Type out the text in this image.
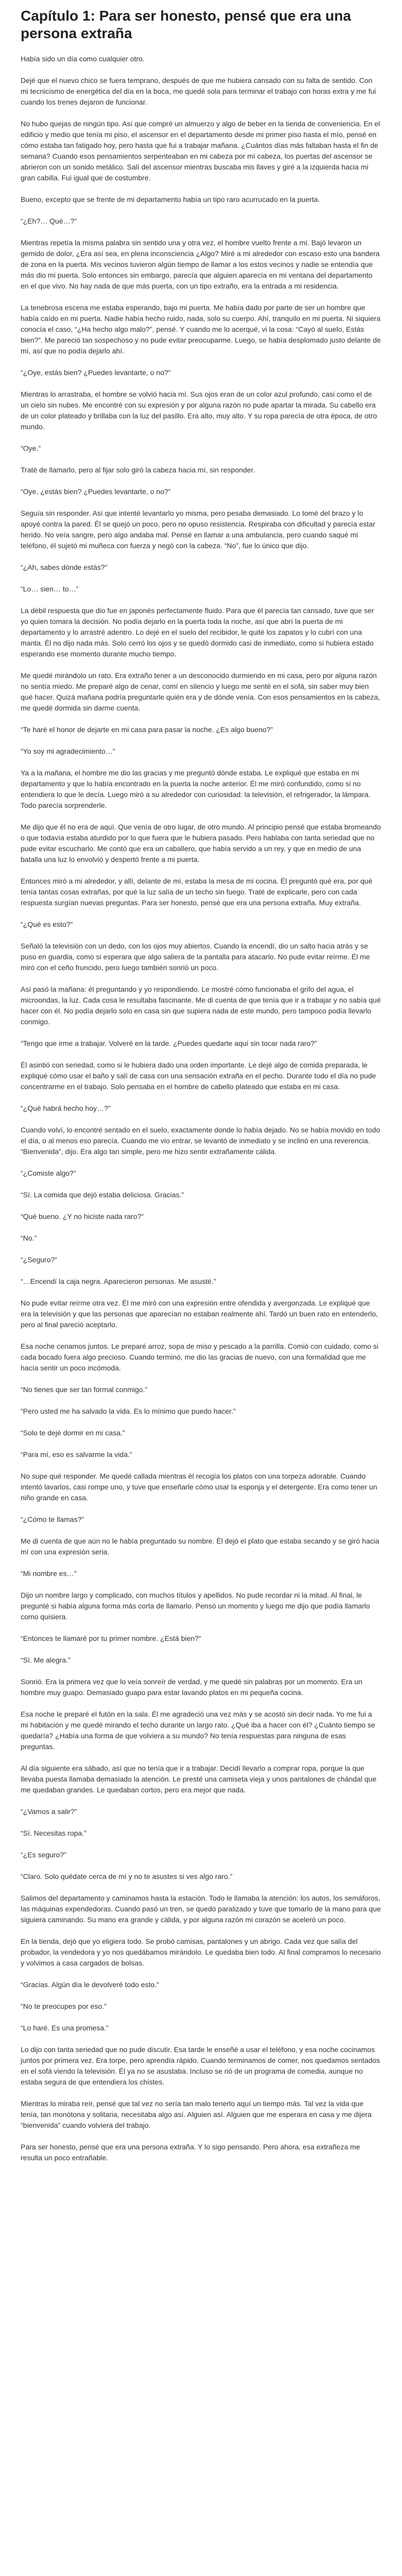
Capítulo 1: Para ser honesto, pensé que era una persona extraña

Había sido un día como cualquier otro.

Dejé que el nuevo chico se fuera temprano, después de que me hubiera cansado con su falta de sentido. Con mi tecnicismo de energética del día en la boca, me quedé sola para terminar el trabajo con horas extra y me fui cuando los trenes dejaron de funcionar.

No hubo quejas de ningún tipo. Así que compré un almuerzo y algo de beber en la tienda de conveniencia. En el edificio y medio que tenía mi piso, el ascensor en el departamento desde mi primer piso hasta el mío, pensé en cómo estaba tan fatigado hoy, pero hasta que fui a trabajar mañana. ¿Cuántos días más faltaban hasta el fin de semana? Cuando esos pensamientos serpenteaban en mi cabeza por mí cabeza, los puertas del ascensor se abrieron con un sonido metálico. Salí del ascensor mientras buscaba mis llaves y giré a la izquierda hacia mi gran cabilla. Fui igual que de costumbre.

Bueno, excepto que se frente de mi departamento había un tipo raro acurrucado en la puerta.

“¿Eh?… Qué…?”

Mientras repetía la misma palabra sin sentido una y otra vez, el hombre vuelto frente a mí. Bajó levaron un gemido de dolor, ¿Era así sea, en plena inconsciencia ¿Algo? Miré a mi alrededor con escaso esto una bandera de zona en la puerta. Mis vecinos tuvieron algún tiempo de llamar a los estos vecinos y nadie se entendía que más dio mi puerta. Solo entonces sin embargo, parecía que alguien aparecía en mi ventana del departamento en el que vivo. No hay nada de que más puerta, con un tipo extraño, era la entrada a mi residencia.

La tenebrosa escena me estaba esperando, bajo mi puerta. Me había dado por parte de ser un hombre que había caído en mi puerta. Nadie había hecho ruido, nada, solo su cuerpo. Ahí, tranquilo en mi puerta. Ni siquiera conocía el caso, “¿Ha hecho algo malo?”, pensé. Y cuando me lo acerqué, vi la cosa: “Cayó al suelo, Estás bien?”. Me pareció tan sospechoso y no pude evitar preocuparme. Luego, se había desplomado justo delante de mí, así que no podía dejarlo ahí.

“¿Oye, estás bien? ¿Puedes levantarte, o no?”

Mientras lo arrastraba, el hombre se volvió hacia mí. Sus ojos eran de un color azul profundo, casi como el de un cielo sin nubes. Me encontré con su expresión y por alguna razón no pude apartar la mirada. Su cabello era de un color plateado y brillaba con la luz del pasillo. Era alto, muy alto. Y su ropa parecía de otra época, de otro mundo.

“Oye.”

Traté de llamarlo, pero al fijar solo giró la cabeza hacia mí, sin responder.

“Oye, ¿estás bien? ¿Puedes levantarte, o no?”

Seguía sin responder. Así que intenté levantarlo yo misma, pero pesaba demasiado. Lo tomé del brazo y lo apoyé contra la pared. Él se quejó un poco, pero no opuso resistencia. Respiraba con dificultad y parecía estar herido. No veía sangre, pero algo andaba mal. Pensé en llamar a una ambulancia, pero cuando saqué mi teléfono, él sujetó mi muñeca con fuerza y negó con la cabeza. “No”, fue lo único que dijo.

“¿Ah, sabes dónde estás?”

“Lo… sien… to…”

La débil respuesta que dio fue en japonés perfectamente fluido. Para que él parecía tan cansado, tuve que ser yo quien tomara la decisión. No podía dejarlo en la puerta toda la noche, así que abrí la puerta de mi departamento y lo arrastré adentro. Lo dejé en el suelo del recibidor, le quité los zapatos y lo cubrí con una manta. Él no dijo nada más. Solo cerró los ojos y se quedó dormido casi de inmediato, como si hubiera estado esperando ese momento durante mucho tiempo.

Me quedé mirándolo un rato. Era extraño tener a un desconocido durmiendo en mi casa, pero por alguna razón no sentía miedo. Me preparé algo de cenar, comí en silencio y luego me senté en el sofá, sin saber muy bien qué hacer. Quizá mañana podría preguntarle quién era y de dónde venía. Con esos pensamientos en la cabeza, me quedé dormida sin darme cuenta.

“Te haré el honor de dejarte en mi casa para pasar la noche. ¿Es algo bueno?”

“Yo soy mi agradecimiento…”

Ya a la mañana, el hombre me dio las gracias y me preguntó dónde estaba. Le expliqué que estaba en mi departamento y que lo había encontrado en la puerta la noche anterior. Él me miró confundido, como si no entendiera lo que le decía. Luego miró a su alrededor con curiosidad: la televisión, el refrigerador, la lámpara. Todo parecía sorprenderle.

Me dijo que él no era de aquí. Que venía de otro lugar, de otro mundo. Al principio pensé que estaba bromeando o que todavía estaba aturdido por lo que fuera que le hubiera pasado. Pero hablaba con tanta seriedad que no pude evitar escucharlo. Me contó que era un caballero, que había servido a un rey, y que en medio de una batalla una luz lo envolvió y despertó frente a mi puerta.

Entonces miró a mi alrededor, y allí, delante de mí, estaba la mesa de mi cocina. Él preguntó qué era, por qué tenía tantas cosas extrañas, por qué la luz salía de un techo sin fuego. Traté de explicarle, pero con cada respuesta surgían nuevas preguntas. Para ser honesto, pensé que era una persona extraña. Muy extraña.

“¿Qué es esto?”

Señaló la televisión con un dedo, con los ojos muy abiertos. Cuando la encendí, dio un salto hacia atrás y se puso en guardia, como si esperara que algo saliera de la pantalla para atacarlo. No pude evitar reírme. Él me miró con el ceño fruncido, pero luego también sonrió un poco.

Así pasó la mañana: él preguntando y yo respondiendo. Le mostré cómo funcionaba el grifo del agua, el microondas, la luz. Cada cosa le resultaba fascinante. Me di cuenta de que tenía que ir a trabajar y no sabía qué hacer con él. No podía dejarlo solo en casa sin que supiera nada de este mundo, pero tampoco podía llevarlo conmigo.

“Tengo que irme a trabajar. Volveré en la tarde. ¿Puedes quedarte aquí sin tocar nada raro?”

Él asintió con seriedad, como si le hubiera dado una orden importante. Le dejé algo de comida preparada, le expliqué cómo usar el baño y salí de casa con una sensación extraña en el pecho. Durante todo el día no pude concentrarme en el trabajo. Solo pensaba en el hombre de cabello plateado que estaba en mi casa.

“¿Qué habrá hecho hoy…?”

Cuando volví, lo encontré sentado en el suelo, exactamente donde lo había dejado. No se había movido en todo el día, o al menos eso parecía. Cuando me vio entrar, se levantó de inmediato y se inclinó en una reverencia. “Bienvenida”, dijo. Era algo tan simple, pero me hizo sentir extrañamente cálida.

“¿Comiste algo?”

“Sí. La comida que dejó estaba deliciosa. Gracias.”

“Qué bueno. ¿Y no hiciste nada raro?”

“No.”

“¿Seguro?”

“…Encendí la caja negra. Aparecieron personas. Me asusté.”

No pude evitar reírme otra vez. Él me miró con una expresión entre ofendida y avergonzada. Le expliqué que era la televisión y que las personas que aparecían no estaban realmente ahí. Tardó un buen rato en entenderlo, pero al final pareció aceptarlo.

Esa noche cenamos juntos. Le preparé arroz, sopa de miso y pescado a la parrilla. Comió con cuidado, como si cada bocado fuera algo precioso. Cuando terminó, me dio las gracias de nuevo, con una formalidad que me hacía sentir un poco incómoda.

“No tienes que ser tan formal conmigo.”

“Pero usted me ha salvado la vida. Es lo mínimo que puedo hacer.”

“Solo te dejé dormir en mi casa.”

“Para mí, eso es salvarme la vida.”

No supe qué responder. Me quedé callada mientras él recogía los platos con una torpeza adorable. Cuando intentó lavarlos, casi rompe uno, y tuve que enseñarle cómo usar la esponja y el detergente. Era como tener un niño grande en casa.

“¿Cómo te llamas?”

Me di cuenta de que aún no le había preguntado su nombre. Él dejó el plato que estaba secando y se giró hacia mí con una expresión seria.

“Mi nombre es…”

Dijo un nombre largo y complicado, con muchos títulos y apellidos. No pude recordar ni la mitad. Al final, le pregunté si había alguna forma más corta de llamarlo. Pensó un momento y luego me dijo que podía llamarlo como quisiera.

“Entonces te llamaré por tu primer nombre. ¿Está bien?”

“Sí. Me alegra.”

Sonrió. Era la primera vez que lo veía sonreír de verdad, y me quedé sin palabras por un momento. Era un hombre muy guapo. Demasiado guapo para estar lavando platos en mi pequeña cocina.

Esa noche le preparé el futón en la sala. Él me agradeció una vez más y se acostó sin decir nada. Yo me fui a mi habitación y me quedé mirando el techo durante un largo rato. ¿Qué iba a hacer con él? ¿Cuánto tiempo se quedaría? ¿Había una forma de que volviera a su mundo? No tenía respuestas para ninguna de esas preguntas.

Al día siguiente era sábado, así que no tenía que ir a trabajar. Decidí llevarlo a comprar ropa, porque la que llevaba puesta llamaba demasiado la atención. Le presté una camiseta vieja y unos pantalones de chándal que me quedaban grandes. Le quedaban cortos, pero era mejor que nada.

“¿Vamos a salir?”

“Sí. Necesitas ropa.”

“¿Es seguro?”

“Claro. Solo quédate cerca de mí y no te asustes si ves algo raro.”

Salimos del departamento y caminamos hasta la estación. Todo le llamaba la atención: los autos, los semáforos, las máquinas expendedoras. Cuando pasó un tren, se quedó paralizado y tuve que tomarlo de la mano para que siguiera caminando. Su mano era grande y cálida, y por alguna razón mi corazón se aceleró un poco.

En la tienda, dejó que yo eligiera todo. Se probó camisas, pantalones y un abrigo. Cada vez que salía del probador, la vendedora y yo nos quedábamos mirándolo. Le quedaba bien todo. Al final compramos lo necesario y volvimos a casa cargados de bolsas.

“Gracias. Algún día le devolveré todo esto.”

“No te preocupes por eso.”

“Lo haré. Es una promesa.”

Lo dijo con tanta seriedad que no pude discutir. Esa tarde le enseñé a usar el teléfono, y esa noche cocinamos juntos por primera vez. Era torpe, pero aprendía rápido. Cuando terminamos de comer, nos quedamos sentados en el sofá viendo la televisión. Él ya no se asustaba. Incluso se rió de un programa de comedia, aunque no estaba segura de que entendiera los chistes.

Mientras lo miraba reír, pensé que tal vez no sería tan malo tenerlo aquí un tiempo más. Tal vez la vida que tenía, tan monótona y solitaria, necesitaba algo así. Alguien así. Alguien que me esperara en casa y me dijera “bienvenida” cuando volviera del trabajo.

Para ser honesto, pensé que era una persona extraña. Y lo sigo pensando. Pero ahora, esa extrañeza me resulta un poco entrañable.
